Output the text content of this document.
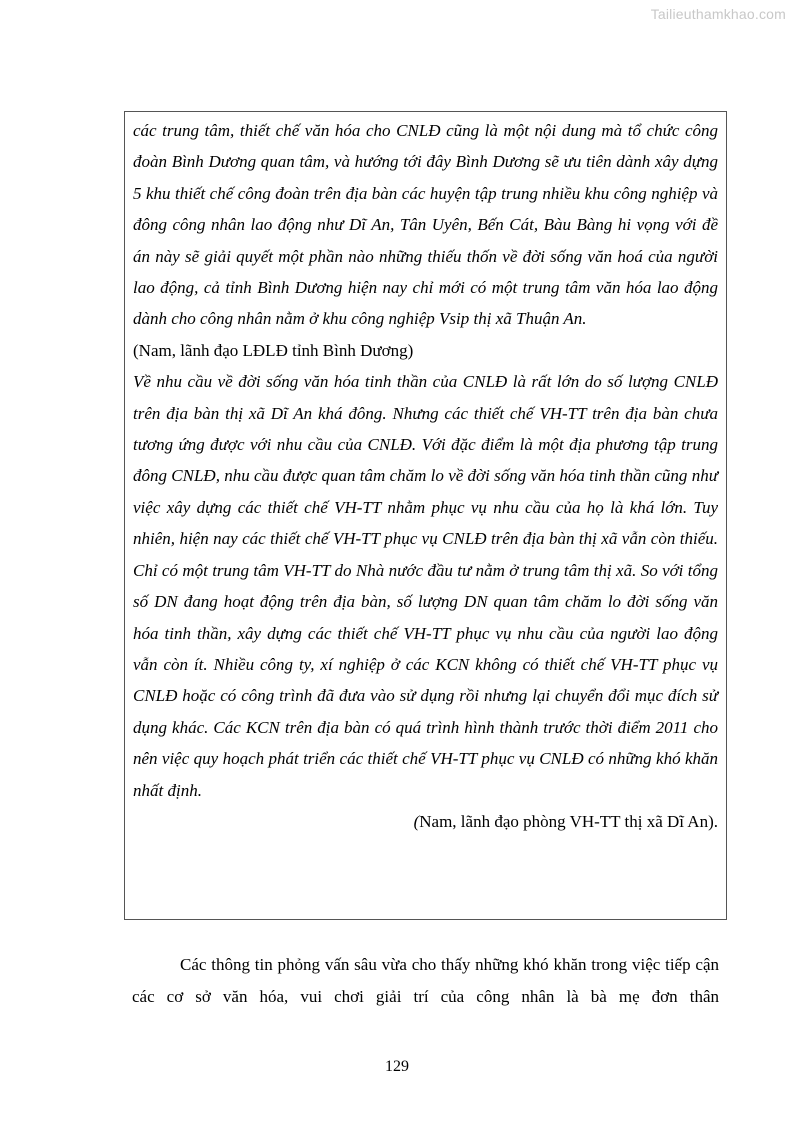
Tailieuthamkhao.com

các trung tâm, thiết chế văn hóa cho CNLĐ cũng là một nội dung mà tổ chức công đoàn Bình Dương quan tâm, và hướng tới đây Bình Dương sẽ ưu tiên dành xây dựng 5 khu thiết chế công đoàn trên địa bàn các huyện tập trung nhiều khu công nghiệp và đông công nhân lao động như Dĩ An, Tân Uyên, Bến Cát, Bàu Bàng hi vọng với đề án này sẽ giải quyết một phần nào những thiếu thốn về đời sống văn hoá của người lao động, cả tỉnh Bình Dương hiện nay chỉ mới có một trung tâm văn hóa lao động dành cho công nhân nằm ở khu công nghiệp Vsip thị xã Thuận An.

(Nam, lãnh đạo LĐLĐ tỉnh Bình Dương)

Về nhu cầu về đời sống văn hóa tinh thần của CNLĐ là rất lớn do số lượng CNLĐ trên địa bàn thị xã Dĩ An khá đông. Nhưng các thiết chế VH-TT trên địa bàn chưa tương ứng được với nhu cầu của CNLĐ. Với đặc điểm là một địa phương tập trung đông CNLĐ, nhu cầu được quan tâm chăm lo về đời sống văn hóa tinh thần cũng như việc xây dựng các thiết chế VH-TT nhằm phục vụ nhu cầu của họ là khá lớn. Tuy nhiên, hiện nay các thiết chế VH-TT phục vụ CNLĐ trên địa bàn thị xã vẫn còn thiếu. Chỉ có một trung tâm VH-TT do Nhà nước đầu tư nằm ở trung tâm thị xã. So với tổng số DN đang hoạt động trên địa bàn, số lượng DN quan tâm chăm lo đời sống văn hóa tinh thần, xây dựng các thiết chế VH-TT phục vụ nhu cầu của người lao động vẫn còn ít. Nhiều công ty, xí nghiệp ở các KCN không có thiết chế VH-TT phục vụ CNLĐ hoặc có công trình đã đưa vào sử dụng rồi nhưng lại chuyển đổi mục đích sử dụng khác. Các KCN trên địa bàn có quá trình hình thành trước thời điểm 2011 cho nên việc quy hoạch phát triển các thiết chế VH-TT phục vụ CNLĐ có những khó khăn nhất định.

(Nam, lãnh đạo phòng VH-TT thị xã Dĩ An).

Các thông tin phỏng vấn sâu vừa cho thấy những khó khăn trong việc tiếp cận các cơ sở văn hóa, vui chơi giải trí của công nhân là bà mẹ đơn thân

129
